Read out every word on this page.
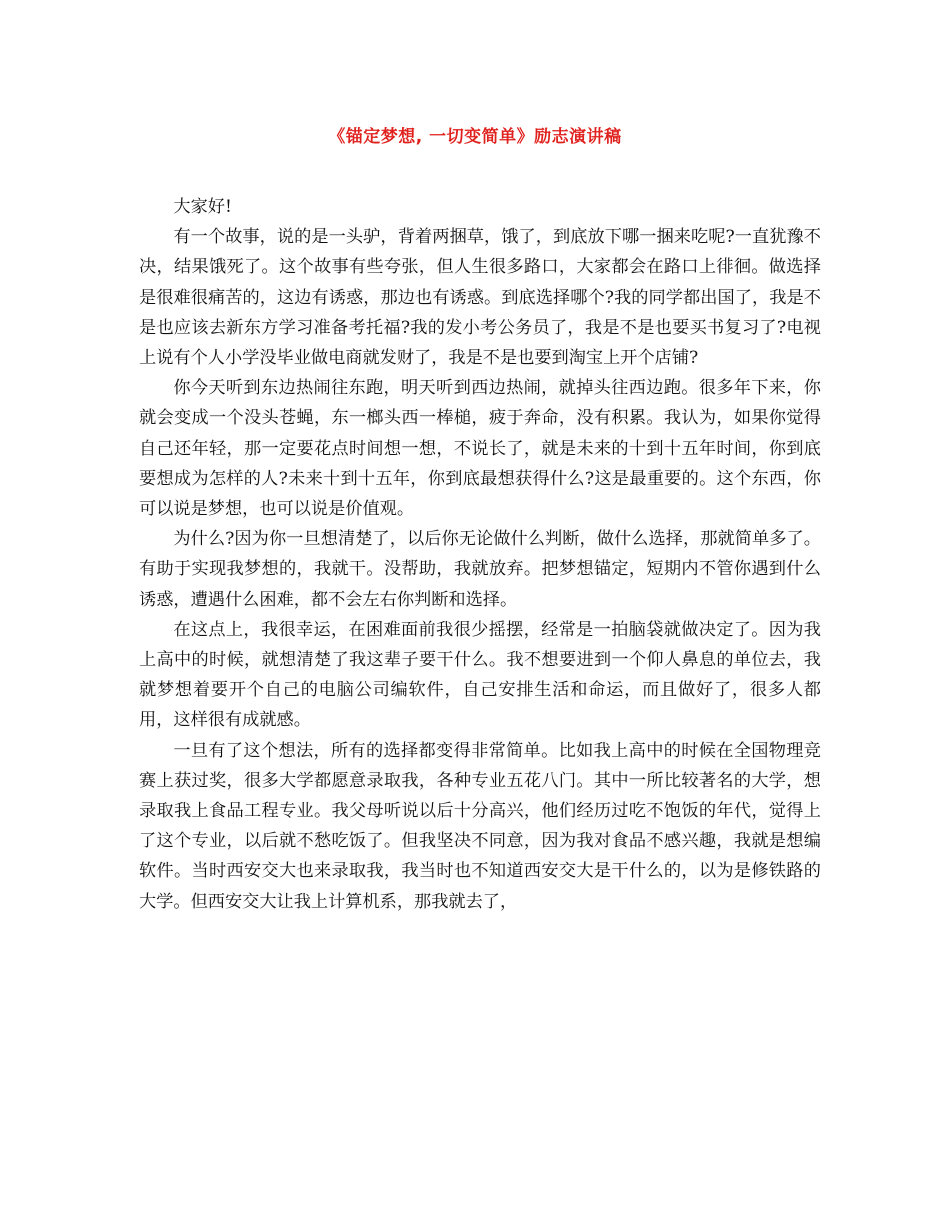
《锚定梦想, 一切变简单》励志演讲稿

大家好!

有一个故事，说的是一头驴，背着两捆草，饿了，到底放下哪一捆来吃呢?一直犹豫不决，结果饿死了。这个故事有些夸张，但人生很多路口，大家都会在路口上徘徊。做选择是很难很痛苦的，这边有诱惑，那边也有诱惑。到底选择哪个?我的同学都出国了，我是不是也应该去新东方学习准备考托福?我的发小考公务员了，我是不是也要买书复习了?电视上说有个人小学没毕业做电商就发财了，我是不是也要到淘宝上开个店铺?

你今天听到东边热闹往东跑，明天听到西边热闹，就掉头往西边跑。很多年下来，你就会变成一个没头苍蝇，东一榔头西一棒槌，疲于奔命，没有积累。我认为，如果你觉得自己还年轻，那一定要花点时间想一想，不说长了，就是未来的十到十五年时间，你到底要想成为怎样的人?未来十到十五年，你到底最想获得什么?这是最重要的。这个东西，你可以说是梦想，也可以说是价值观。

为什么?因为你一旦想清楚了，以后你无论做什么判断，做什么选择，那就简单多了。有助于实现我梦想的，我就干。没帮助，我就放弃。把梦想锚定，短期内不管你遇到什么诱惑，遭遇什么困难，都不会左右你判断和选择。

在这点上，我很幸运，在困难面前我很少摇摆，经常是一拍脑袋就做决定了。因为我上高中的时候，就想清楚了我这辈子要干什么。我不想要进到一个仰人鼻息的单位去，我就梦想着要开个自己的电脑公司编软件，自己安排生活和命运，而且做好了，很多人都用，这样很有成就感。

一旦有了这个想法，所有的选择都变得非常简单。比如我上高中的时候在全国物理竞赛上获过奖，很多大学都愿意录取我，各种专业五花八门。其中一所比较著名的大学，想录取我上食品工程专业。我父母听说以后十分高兴，他们经历过吃不饱饭的年代，觉得上了这个专业，以后就不愁吃饭了。但我坚决不同意，因为我对食品不感兴趣，我就是想编软件。当时西安交大也来录取我，我当时也不知道西安交大是干什么的，以为是修铁路的大学。但西安交大让我上计算机系，那我就去了，
